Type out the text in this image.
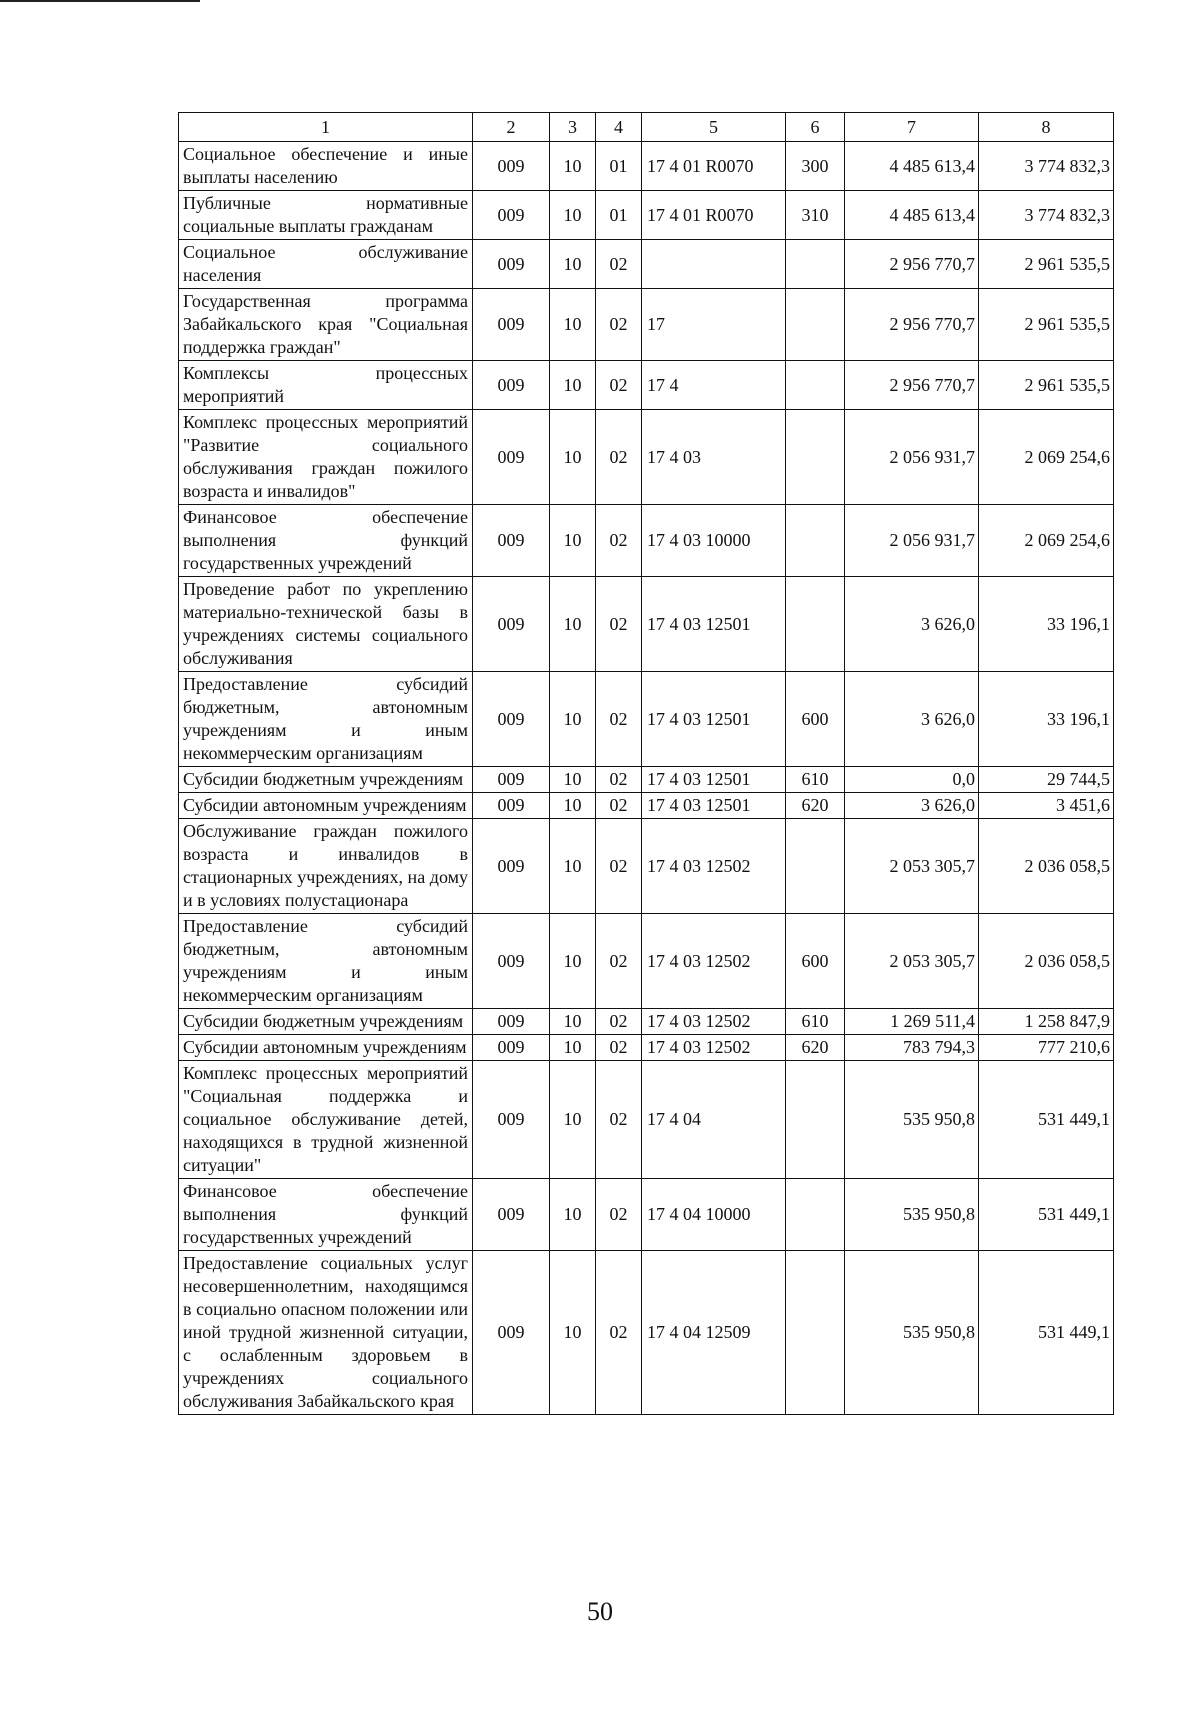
1	2	3	4	5	6	7	8
Социальное обеспечение и иные выплаты населению	009	10	01	17 4 01 R0070	300	4 485 613,4	3 774 832,3
Публичные нормативные социальные выплаты гражданам	009	10	01	17 4 01 R0070	310	4 485 613,4	3 774 832,3
Социальное обслуживание населения	009	10	02			2 956 770,7	2 961 535,5
Государственная программа Забайкальского края "Социальная поддержка граждан"	009	10	02	17		2 956 770,7	2 961 535,5
Комплексы процессных мероприятий	009	10	02	17 4		2 956 770,7	2 961 535,5
Комплекс процессных мероприятий "Развитие социального обслуживания граждан пожилого возраста и инвалидов"	009	10	02	17 4 03		2 056 931,7	2 069 254,6
Финансовое обеспечение выполнения функций государственных учреждений	009	10	02	17 4 03 10000		2 056 931,7	2 069 254,6
Проведение работ по укреплению материально-технической базы в учреждениях системы социального обслуживания	009	10	02	17 4 03 12501		3 626,0	33 196,1
Предоставление субсидий бюджетным, автономным учреждениям и иным некоммерческим организациям	009	10	02	17 4 03 12501	600	3 626,0	33 196,1
Субсидии бюджетным учреждениям	009	10	02	17 4 03 12501	610	0,0	29 744,5
Субсидии автономным учреждениям	009	10	02	17 4 03 12501	620	3 626,0	3 451,6
Обслуживание граждан пожилого возраста и инвалидов в стационарных учреждениях, на дому и в условиях полустационара	009	10	02	17 4 03 12502		2 053 305,7	2 036 058,5
Предоставление субсидий бюджетным, автономным учреждениям и иным некоммерческим организациям	009	10	02	17 4 03 12502	600	2 053 305,7	2 036 058,5
Субсидии бюджетным учреждениям	009	10	02	17 4 03 12502	610	1 269 511,4	1 258 847,9
Субсидии автономным учреждениям	009	10	02	17 4 03 12502	620	783 794,3	777 210,6
Комплекс процессных мероприятий "Социальная поддержка и социальное обслуживание детей, находящихся в трудной жизненной ситуации"	009	10	02	17 4 04		535 950,8	531 449,1
Финансовое обеспечение выполнения функций государственных учреждений	009	10	02	17 4 04 10000		535 950,8	531 449,1
Предоставление социальных услуг несовершеннолетним, находящимся в социально опасном положении или иной трудной жизненной ситуации, с ослабленным здоровьем в учреждениях социального обслуживания Забайкальского края	009	10	02	17 4 04 12509		535 950,8	531 449,1
50
